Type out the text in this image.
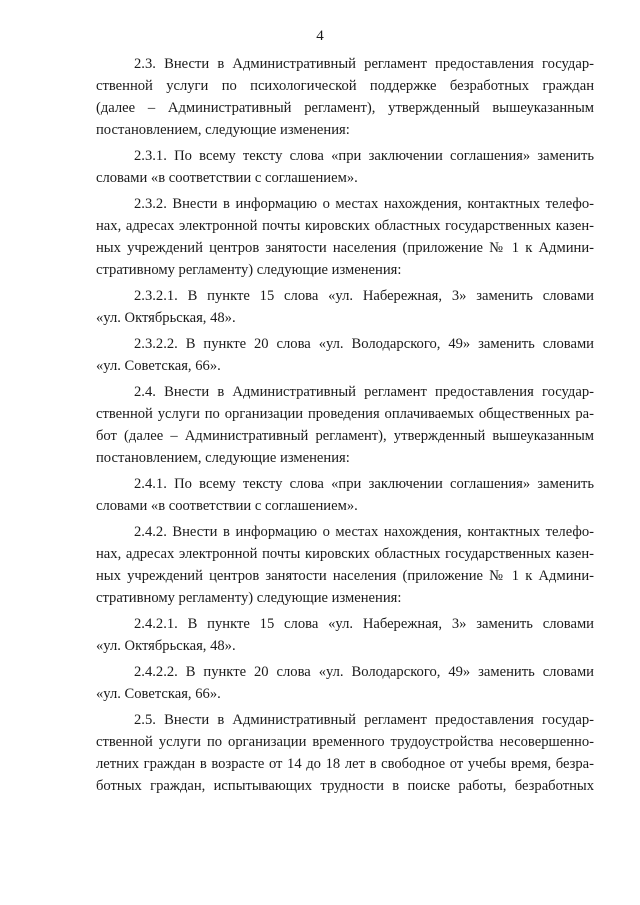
4
2.3. Внести в Административный регламент предоставления государ-
ственной услуги по психологической поддержке безработных граждан
(далее – Административный регламент), утвержденный вышеуказанным
постановлением, следующие изменения:
2.3.1. По всему тексту слова «при заключении соглашения» заменить
словами «в соответствии с соглашением».
2.3.2. Внести в информацию о местах нахождения, контактных телефо-
нах, адресах электронной почты кировских областных государственных казен-
ных учреждений центров занятости населения (приложение № 1 к Админи-
стративному регламенту) следующие изменения:
2.3.2.1. В пункте 15 слова «ул. Набережная, 3» заменить словами
«ул. Октябрьская, 48».
2.3.2.2. В пункте 20 слова «ул. Володарского, 49» заменить словами
«ул. Советская, 66».
2.4. Внести в Административный регламент предоставления государ-
ственной услуги по организации проведения оплачиваемых общественных ра-
бот (далее – Административный регламент), утвержденный вышеуказанным
постановлением, следующие изменения:
2.4.1. По всему тексту слова «при заключении соглашения» заменить
словами «в соответствии с соглашением».
2.4.2. Внести в информацию о местах нахождения, контактных телефо-
нах, адресах электронной почты кировских областных государственных казен-
ных учреждений центров занятости населения (приложение № 1 к Админи-
стративному регламенту) следующие изменения:
2.4.2.1. В пункте 15 слова «ул. Набережная, 3» заменить словами
«ул. Октябрьская, 48».
2.4.2.2. В пункте 20 слова «ул. Володарского, 49» заменить словами
«ул. Советская, 66».
2.5. Внести в Административный регламент предоставления государ-
ственной услуги по организации временного трудоустройства несовершенно-
летних граждан в возрасте от 14 до 18 лет в свободное от учебы время, безра-
ботных граждан, испытывающих трудности в поиске работы, безработных
